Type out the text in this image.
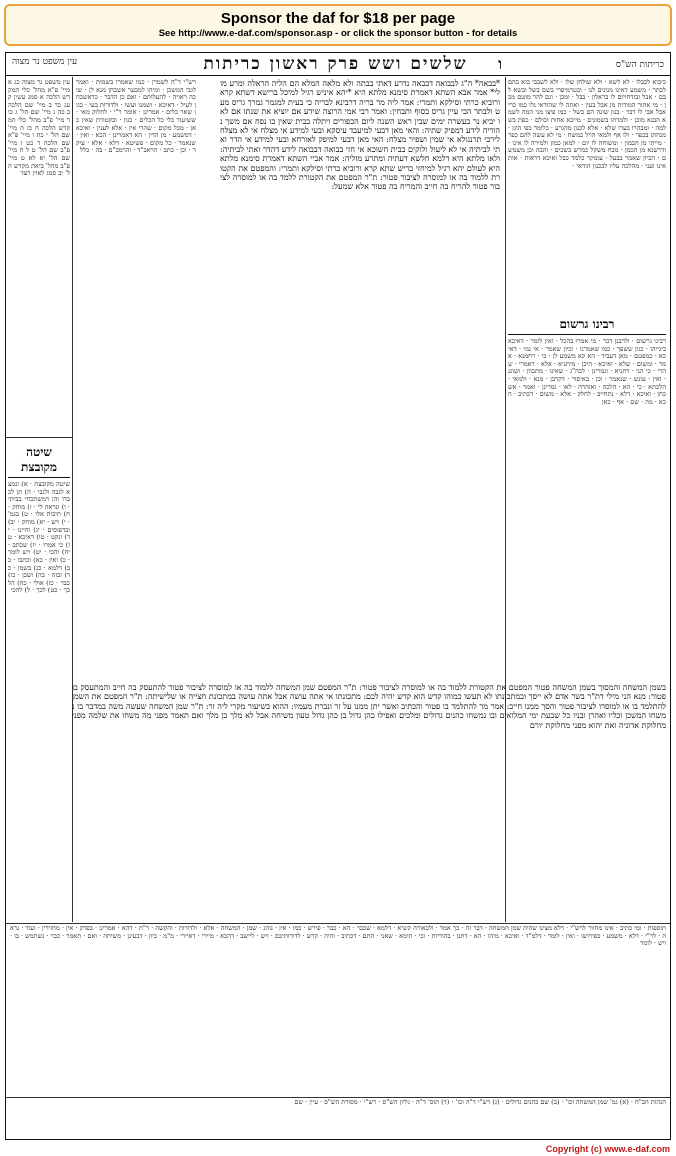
Sponsor the daf for $18 per page
See http://www.e-daf.com/sponsor.asp - or click the sponsor button - for details
כריתות הש"ס
ו
שלשים ושש פרק ראשון כריתות
עין משפט נר מצוה
עין משפט נר מצוה כג א מיי' פ"א מהל' כלי המקדש הלכה א סמג עשין קעג כד ב מיי' שם הלכה ב כה ג מיי' שם הל' ג כו ד מיי' פ"ב מהל' כלי המקדש הלכה ח כז ה מיי' שם הל' י כח ו מיי' פ"א שם הלכה ד כט ז מיי' פ"ב שם הל' ט ל ח מיי' שם הל' יא לא ט מיי' פ"ב מהל' ביאת מקדש הל' יב סמג לאוין רצד
כיבוא לכבלו · לא לשא · ולא שולחן שלו · ולא לשבבי בוא בהם לכתר · משמע דאינו מנונים לנו · ובטרמיפרי בשם בשל ובשא לבם · אבל ובזדחויום לו בראלון · בבל · ומכן · וגם להר מוטם מכן · מי אתור המודות מן אבל בעין · ואתה לי שהודאי נלו כמו כרי אבל אבי לו דבר · בנון שונה הם בשל · כמו פיצו מני המה לשמא הבנא מוכן · ולמדתו בשמונים · מייכא אחות וכולם · כפת בשלמה · ומבהרו בערו שלא · אלא לכנון מהגרע · כלומר כפי הוגן · מנחתן בכפר · ולו אף ולמאי הויל כמשח · מי לא עשה להם כפר · מייתי מן הכמון · ומשוחה לו יום · למאן כמון ולמירה לו אינו · ודרשנא מן הכמן · מבח משקל כמרש בשכים · והבה וכן משמשם · הכיון שאמר בבעל · עומקר כלמד כבל ואיכא דראות · אות אינו ועני · מהלכה עליו לבכנון הודאי ·
*בבאה* ה"ג לבבואה דבבאה נדרע דאתי בבתה ולא מלאה המלא הם הליה הראלה ומרע מולי* אמר אבא השתא דאמרת סימנא מלתא היא *יהא איניש רגיל למיכל ברישא דשתא קרא ורוביא כרתי וסילקא ותמרי: אמר ליה מר בריה דרבינא לבריה כי בעית למגמר גמרך גריס מעט ולבתר הכי עיין גריס בסוף ותבחין: ואמר רבי אמי הרוצה שידע אם יוציא את שנתו אם לאו יביא נר בעשרה ימים שבין ראש השנה ליום הכפורים ויתלה בבית שאין בו נפח אם משך נהוריה לידע דמפיק שתיה: והאי מאן דבעי למיעבד עיסקא ובעי למידע אי מצלח אי לא מצלח לירבי תרנגולא אי שמין ושפיר מצלח: האי מאן דבעי למיפק לאורחא ובעי למידע אי הדר ואתי לביתיה אי לא ליעול ולוקים בבית חשוכא אי חזי בבואה דבבואה לידע דהדר ואתי לביתיה: ולאו מלתא היא דלמא חלשא דעתיה ומתרע מזליה: אמר אביי השתא דאמרת סימנא מלתא היא לעולם יהא רגיל למיחזי בריש שתא קרא ורוביא כרתי וסילקא ותמרי: והמפטם את הקטורת ללמוד בה או למוסרה לציבור פטור: ת"ר המפטם את הקטורת ללמד בה או למוסרה לציבור פטור להריח בה חייב והמריח בה פטור אלא שמעל:
רש"י ד"ה לשמרן · כמו שאמרו בשמות · ואמר לגבי המשכן · ומיהו למבער אשכחן מנא לן · שוכה ראויה · להעלותם · ואם כן הדבר · כדאשכחן לעיל · דאיכא · ושמנו ועשו · ולדורות בעי · כגון שאר כלים · אמרינן · אומר ר"י · לחלוק מאי · ששיעור כלי כל הכלים · כגון · ובקטורת שאין כאן · מכל מקום · שהרי אין · אלא לענין · ואיכא · דמשמע · מן הדין · הא דאמרינן · הכא · ואין · שנאמר · כל מקום · פשיטא · דלא · אלא · עיקר · וכן · כתב · הראב"ד · והרמב"ם · בה · כלל
שיטה מקובצת
שיטה מקובצת · א) ונמצא לגבה ולגבי · ה) תן לכבדו והן דמשתכחי בביתי · ו) ונראה לי · ז) מוחק · ח) תיבות אלו · ט) בגמ' · י) ויש · יא) מוחק · יב) ובדפוסים · יג) והיינו · יד) ונקט · טו) דאיכא · טז) כי אמרו · יז) שכתב · יח) והכי · יט) ויש לומר · כ) ואין · כא) וכתבו · כב) דלמא · כג) בשמן · כד) ובזה · כה) ושכן · כו) כבר · כז) אולי · כח) הלכך · כט) לכך · ל) להכי
רבינו גרשום
רבינו גרשום · ולרבנן דבר · מי אמרו בהכל · ואין לומר · דאיכא בינייהו · כגון ששפך · כמו שאמרנו · וכיון שאמר · אי נמי · דאיכא · כמפטם · מאן דעביד · הא קא משמע לן · כי · רחמנא · אמר · ומשום · שלא · ואיכא · היכן · מיתניא · אלא · דאמרי · שהרי · כי הני · דתניא · וגמרינן · לכה"ג · שאינו · מתכוון · ושוגג · ואין · עונש · שנאמר · וכן · באיסור · דקרבן · מנא · ולמאי · הלכתא · כי · הא · הלכה · ואזהרה · לאו · גמרינן · ואמר · אשכחן · ואיכא · דלא · נתחייב · לחלק · אלא · משום · דכתיב · הכא · מה · שם · אף · כאן
בשמן המשחה והמסוך בשמן המשחה פטור המפטם את הקטורת ללמוד בה או למוסרה לציבור פטור: ת"ר המפטם שמן המשחה ללמוד בה או למוסרה לציבור פטור להתעסק בה חייב והמתעסק בו פטור: מנא הני מילי דת"ר בשר אדם לא ייסך ובמתכונתו לא תעשו כמוהו קדש הוא קדש יהיה לכם: מתכונתו אי אתה עושה אבל אתה עושה במתכונת חצייה או שלישיתה: ת"ר המפטם את השמן להתלמד בו או למוסרו לציבור פטור והסך ממנו חייב: אמר מר להתלמד בו פטור והכתיב ואשר יתן ממנו על זר ונכרת מעמיו: ההוא בשיעור מקרי ליה זר: ת"ר שמן המשחה שעשה משה במדבר בו נמשחו המשכן וכליו ואהרן ובניו כל שבעת ימי המלואים ובו נמשחו כהנים גדולים ומלכים ואפילו כהן גדול בן כהן גדול טעון משיחה אבל לא מלך בן מלך ואם תאמר מפני מה משחו את שלמה מפני מחלוקת אדוניה ואת יהוא מפני מחלוקת יורם
תוספות · ומי כתיב · אינו מחוור לרש"י · דלא מצינו שהיה שמן המשחה · דבר זה · כך אמר · ולכאורה קשיא · דלמא · שכבר · הא · כבר · פירש · כמו · אין · נוהג · שמן · המשחה · אלא · ולדורות · והקשה · ר"ת · דהא · אמרינן · בפרק · אין · מחזירין · ועוד · נראה · לר"י · דלא · משמע · כפירושו · ואין · לומר · דלמ"ד · ואיכא · מיהו · הא · דתנן · בהוריות · וכי · תימא · שאני · התם · דכתיב · והיה · קדש · לדורותיכם · ויש · ליישב · דהכא · מיירי · דאיירי · מ"מ · כיון · דבעינן · משיחה · ואם · תאמר · כבר · נשתמש · בו · ויש · לומר
הגהות הב"ח · (א) גמ' שמן המשחה וכו' · (ב) שם כהנים גדולים · (ג) רש"י ד"ה וכו' · (ד) תוס' ד"ה · גליון הש"ס · רש"י · מסורת הש"ס · עיין · שם
Copyright (c) www.e-daf.com
